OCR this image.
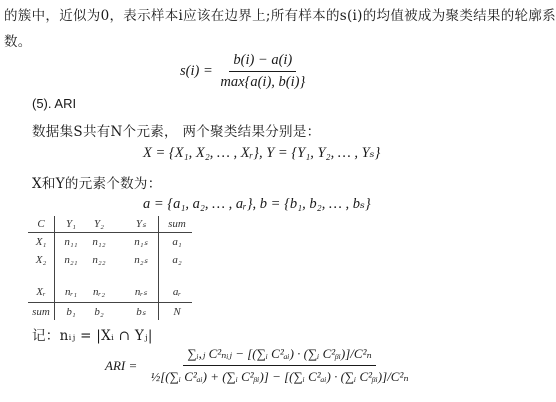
的簇中，近似为0，表示样本i应该在边界上;所有样本的s(i)的均值被成为聚类结果的轮廓系
数。
$s(i) = \frac{b(i) - a(i)}{\max\{a(i), b(i)\}}$
(5). ARI
数据集S共有N个元素， 两个聚类结果分别是：
X = {X₁, X₂, … , Xᵣ}, Y = {Y₁, Y₂, … , Yₛ}
X和Y的元素个数为：
a = {a₁, a₂, … , aᵣ}, b = {b₁, b₂, … , bₛ}
C	Y₁	Y₂	Yₛ	sum
X₁	n₁₁	n₁₂	n₁ₛ	a₁
X₂	n₂₁	n₂₂	n₂ₛ	a₂
Xᵣ	nᵣ₁	nᵣ₂	nᵣₛ	aᵣ
sum	b₁	b₂	bₛ	N
记：nᵢⱼ = |Xᵢ ∩ Yⱼ|
ARI = $\frac{\text{∑ᵢ,ⱼ C²ₙᵢⱼ − [(∑ᵢ C²ₐᵢ) · (∑ᵢ C²ᵦᵢ)]/C²ₙ}}{\text{½[(∑ᵢ C²ₐᵢ) + (∑ᵢ C²ᵦᵢ)] − [(∑ᵢ C²ₐᵢ) · (∑ᵢ C²ᵦᵢ)]/C²ₙ}}$
